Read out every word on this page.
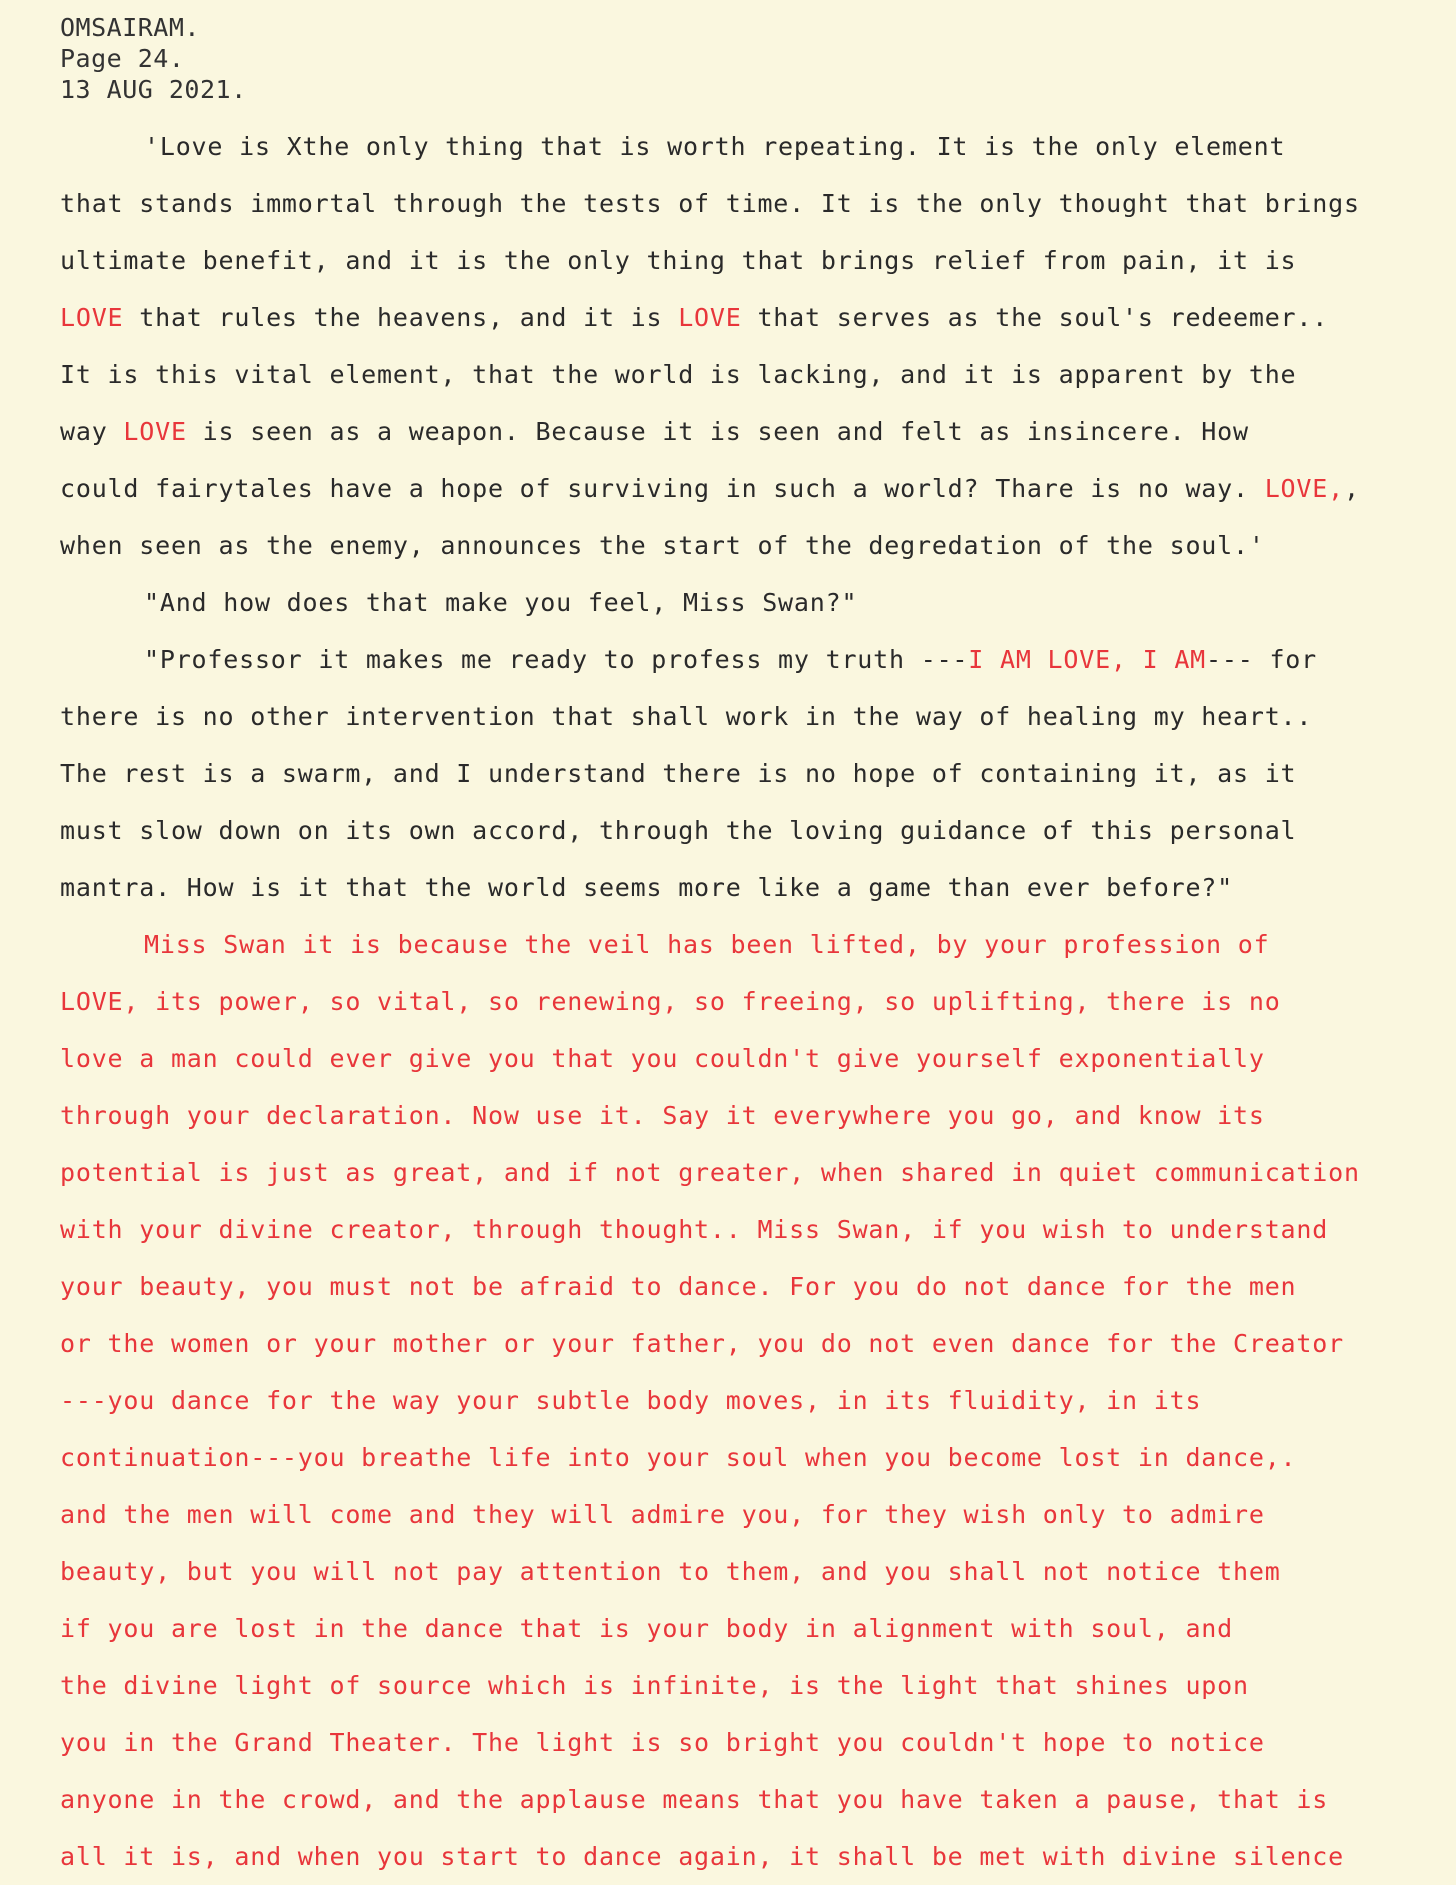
OMSAIRAM.
Page 24.
13 AUG 2021.
'Love is Xthe only thing that is worth repeating. It is the only element
that stands immortal through the tests of time. It is the only thought that brings
ultimate benefit, and it is the only thing that brings relief from pain, it is
LOVE that rules the heavens, and it is LOVE that serves as the soul's redeemer..
It is this vital element, that the world is lacking, and it is apparent by the
way LOVE is seen as a weapon. Because it is seen and felt as insincere. How
could fairytales have a hope of surviving in such a world? Thare is no way. LOVE,,
when seen as the enemy, announces the start of the degredation of the soul.'
"And how does that make you feel, Miss Swan?"
"Professor it makes me ready to profess my truth ---I AM LOVE, I AM--- for
there is no other intervention that shall work in the way of healing my heart..
The rest is a swarm, and I understand there is no hope of containing it, as it
must slow down on its own accord, through the loving guidance of this personal
mantra. How is it that the world seems more like a game than ever before?"
Miss Swan it is because the veil has been lifted, by your profession of
LOVE, its power, so vital, so renewing, so freeing, so uplifting, there is no
love a man could ever give you that you couldn't give yourself exponentially
through your declaration. Now use it. Say it everywhere you go, and know its
potential is just as great, and if not greater, when shared in quiet communication
with your divine creator, through thought.. Miss Swan, if you wish to understand
your beauty, you must not be afraid to dance. For you do not dance for the men
or the women or your mother or your father, you do not even dance for the Creator
---you dance for the way your subtle body moves, in its fluidity, in its
continuation---you breathe life into your soul when you become lost in dance,.
and the men will come and they will admire you, for they wish only to admire
beauty, but you will not pay attention to them, and you shall not notice them
if you are lost in the dance that is your body in alignment with soul, and
the divine light of source which is infinite, is the light that shines upon
you in the Grand Theater. The light is so bright you couldn't hope to notice
anyone in the crowd, and the applause means that you have taken a pause, that is
all it is, and when you start to dance again, it shall be met with divine silence
